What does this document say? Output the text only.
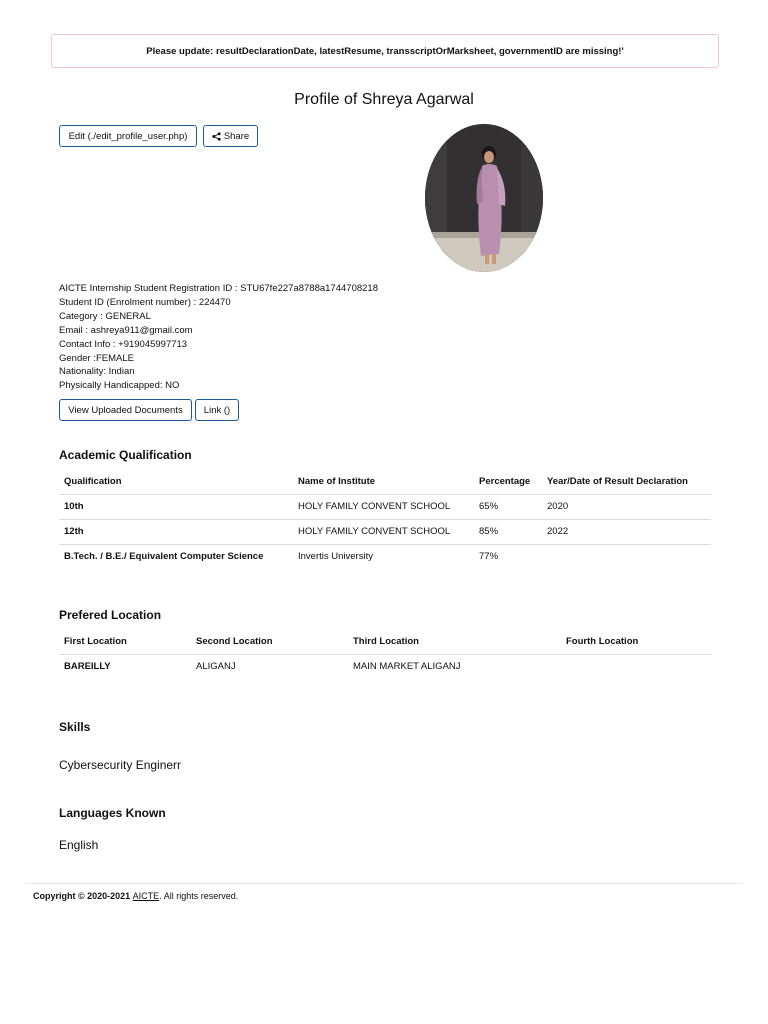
Please update: resultDeclarationDate, latestResume, transscriptOrMarksheet, governmentID are missing!'
Profile of Shreya Agarwal
Edit (./edit_profile_user.php)	Share
AICTE Internship Student Registration ID : STU67fe227a8788a1744708218
Student ID (Enrolment number) : 224470
Category : GENERAL
Email : ashreya911@gmail.com
Contact Info : +919045997713
Gender :FEMALE
Nationality: Indian
Physically Handicapped: NO
View Uploaded Documents Link ()
Academic Qualification
Qualification	Name of Institute	Percentage	Year/Date of Result Declaration
10th	HOLY FAMILY CONVENT SCHOOL	65%	2020
12th	HOLY FAMILY CONVENT SCHOOL	85%	2022
B.Tech. / B.E./ Equivalent Computer Science	Invertis University	77%	
Prefered Location
First Location	Second Location	Third Location	Fourth Location
BAREILLY	ALIGANJ	MAIN MARKET ALIGANJ	
Skills
Cybersecurity Enginerr
Languages Known
English
Copyright © 2020-2021 AICTE. All rights reserved.
